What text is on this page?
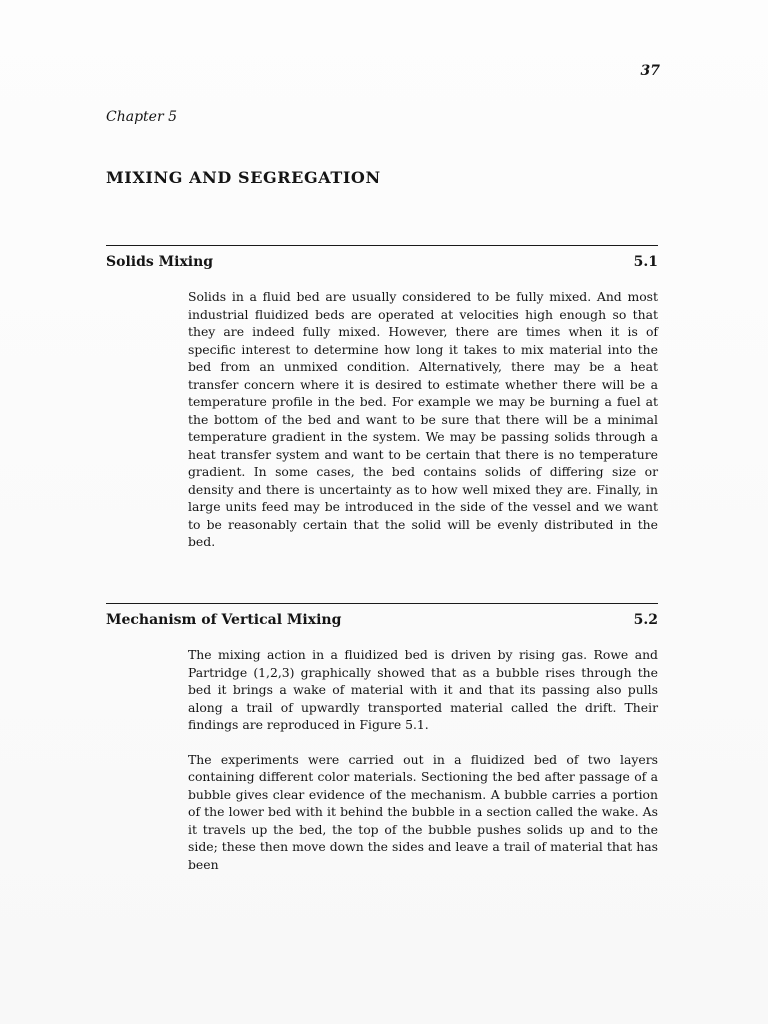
37
Chapter 5
MIXING AND SEGREGATION
Solids Mixing	5.1

Solids in a fluid bed are usually considered to be fully mixed. And most industrial fluidized beds are operated at velocities high enough so that they are indeed fully mixed. However, there are times when it is of specific interest to determine how long it takes to mix material into the bed from an unmixed condition. Alternatively, there may be a heat transfer concern where it is desired to estimate whether there will be a temperature profile in the bed. For example we may be burning a fuel at the bottom of the bed and want to be sure that there will be a minimal temperature gradient in the system. We may be passing solids through a heat transfer system and want to be certain that there is no temperature gradient. In some cases, the bed contains solids of differing size or density and there is uncertainty as to how well mixed they are. Finally, in large units feed may be introduced in the side of the vessel and we want to be reasonably certain that the solid will be evenly distributed in the bed.

Mechanism of Vertical Mixing	5.2

The mixing action in a fluidized bed is driven by rising gas. Rowe and Partridge (1,2,3) graphically showed that as a bubble rises through the bed it brings a wake of material with it and that its passing also pulls along a trail of upwardly transported material called the drift. Their findings are reproduced in Figure 5.1.

The experiments were carried out in a fluidized bed of two layers containing different color materials. Sectioning the bed after passage of a bubble gives clear evidence of the mechanism. A bubble carries a portion of the lower bed with it behind the bubble in a section called the wake. As it travels up the bed, the top of the bubble pushes solids up and to the side; these then move down the sides and leave a trail of material that has been
